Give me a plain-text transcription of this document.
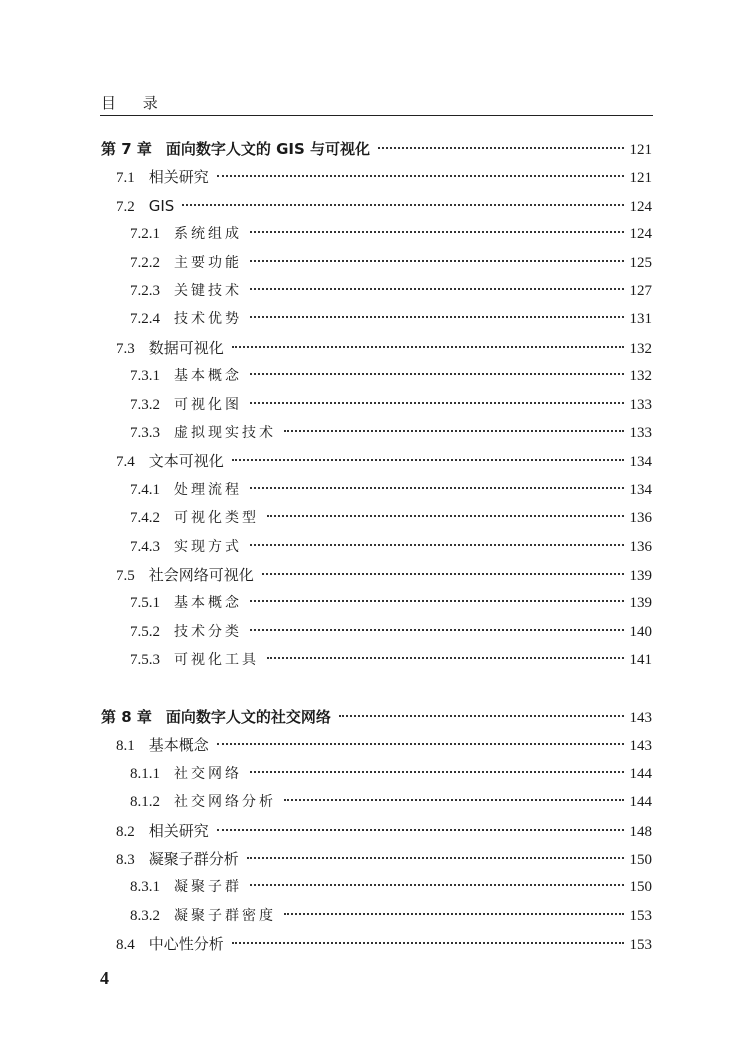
目 录
第 7 章 面向数字人文的 GIS 与可视化	121
7.1 相关研究	121
7.2 GIS	124
7.2.1 系统组成	124
7.2.2 主要功能	125
7.2.3 关键技术	127
7.2.4 技术优势	131
7.3 数据可视化	132
7.3.1 基本概念	132
7.3.2 可视化图	133
7.3.3 虚拟现实技术	133
7.4 文本可视化	134
7.4.1 处理流程	134
7.4.2 可视化类型	136
7.4.3 实现方式	136
7.5 社会网络可视化	139
7.5.1 基本概念	139
7.5.2 技术分类	140
7.5.3 可视化工具	141
第 8 章 面向数字人文的社交网络	143
8.1 基本概念	143
8.1.1 社交网络	144
8.1.2 社交网络分析	144
8.2 相关研究	148
8.3 凝聚子群分析	150
8.3.1 凝聚子群	150
8.3.2 凝聚子群密度	153
8.4 中心性分析	153
4
